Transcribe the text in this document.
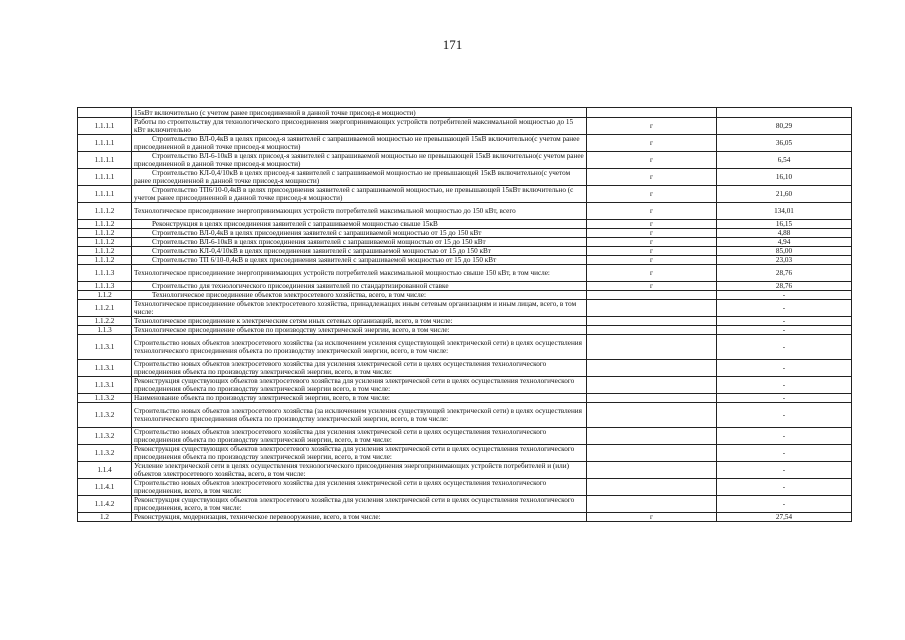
171
	15кВт включительно (с учетом ранее присоединенной в данной точке присоед-я мощности)		
1.1.1.1	Работы по строительству для технологического присоединения энергопринимающих устройств потребителей максимальной мощностью до 15 кВт включительно	г	80,29
1.1.1.1	Строительство ВЛ-0,4кВ в целях присоед-я заявителей с запрашиваемой мощностью не превышающей 15кВ включительно(с учетом ранее присоединенной в данной точке присоед-я мощности)	г	36,05
1.1.1.1	Строительство ВЛ-6-10кВ в целях присоед-я заявителей с запрашиваемой мощностью не превышающей 15кВ включительно(с учетом ранее присоединенной в данной точке присоед-я мощности)	г	6,54
1.1.1.1	Строительство КЛ-0,4/10кВ в целях присоед-я заявителей с запрашиваемой мощностью не превышающей 15кВ включительно(с учетом ранее присоединенной в данной точке присоед-я мощности)	г	16,10
1.1.1.1	Строительство ТП6/10-0,4кВ в целях присоединения заявителей с запрашиваемой мощностью, не превышающей 15кВт включительно (с учетом ранее присоединенной в данной точке присоед-я мощности)	г	21,60
1.1.1.2	Технологическое присоединение энергопринимающих устройств потребителей максимальной мощностью до 150 кВт, всего	г	134,01
1.1.1.2	Реконструкция в целях присоединения заявителей с запрашиваемой мощностью свыше 15кВ	г	16,15
1.1.1.2	Строительство ВЛ-0,4кВ в целях присоединения заявителей с запрашиваемой мощностью от 15 до 150 кВт	г	4,88
1.1.1.2	Строительство ВЛ-6-10кВ в целях присоединения заявителей с запрашиваемой мощностью от 15 до 150 кВт	г	4,94
1.1.1.2	Строительство КЛ-0,4/10кВ в целях присоединения заявителей с запрашиваемой мощностью от 15 до 150 кВт	г	85,00
1.1.1.2	Строительство ТП 6/10-0,4кВ в целях присоединения заявителей с запрашиваемой мощностью от 15 до 150 кВт	г	23,03
1.1.1.3	Технологическое присоединение энергопринимающих устройств потребителей максимальной мощностью свыше 150 кВт, в том числе:	г	28,76
1.1.1.3	Строительство для технологического присоединения заявителей по стандартизированной ставке	г	28,76
1.1.2	Технологическое присоединение объектов электросетевого хозяйства, всего, в том числе:		-
1.1.2.1	Технологическое присоединение объектов электросетевого хозяйства, принадлежащих иным сетевым организациям и иным лицам, всего, в том числе:		-
1.1.2.2	Технологическое присоединение к электрическим сетям иных сетевых организаций, всего, в том числе:		-
1.1.3	Технологическое присоединение объектов по производству электрической энергии, всего, в том числе:		-
1.1.3.1	Строительство новых объектов электросетевого хозяйства (за исключением усиления существующей электрической сети) в целях осуществления технологического присоединения объекта по производству электрической энергии, всего, в том числе:		-
1.1.3.1	Строительство новых объектов электросетевого хозяйства для усиления электрической сети в целях осуществления технологического присоединения объекта по производству электрической энергии, всего, в том числе:		-
1.1.3.1	Реконструкция существующих объектов электросетевого хозяйства для усиления электрической сети в целях осуществления технологического присоединения объекта по производству электрической энергии всего, в том числе:		-
1.1.3.2	Наименование объекта по производству электрической энергии, всего, в том числе:		-
1.1.3.2	Строительство новых объектов электросетевого хозяйства (за исключением усиления существующей электрической сети) в целях осуществления технологического присоединения объекта по производству электрической энергии, всего, в том числе:		-
1.1.3.2	Строительство новых объектов электросетевого хозяйства для усиления электрической сети в целях осуществления технологического присоединения объекта по производству электрической энергии, всего, в том числе:		-
1.1.3.2	Реконструкция существующих объектов электросетевого хозяйства для усиления электрической сети в целях осуществления технологического присоединения объекта по производству электрической энергии, всего, в том числе:		-
1.1.4	Усиление электрической сети в целях осуществления технологического присоединения энергопринимающих устройств потребителей и (или) объектов электросетевого хозяйства, всего, в том числе:		-
1.1.4.1	Строительство новых объектов электросетевого хозяйства для усиления электрической сети в целях осуществления технологического присоединения, всего, в том числе:		-
1.1.4.2	Реконструкция существующих объектов электросетевого хозяйства для усиления электрической сети в целях осуществления технологического присоединения, всего, в том числе:		-
1.2	Реконструкция, модернизация, техническое перевооружение, всего, в том числе:	г	27,54
